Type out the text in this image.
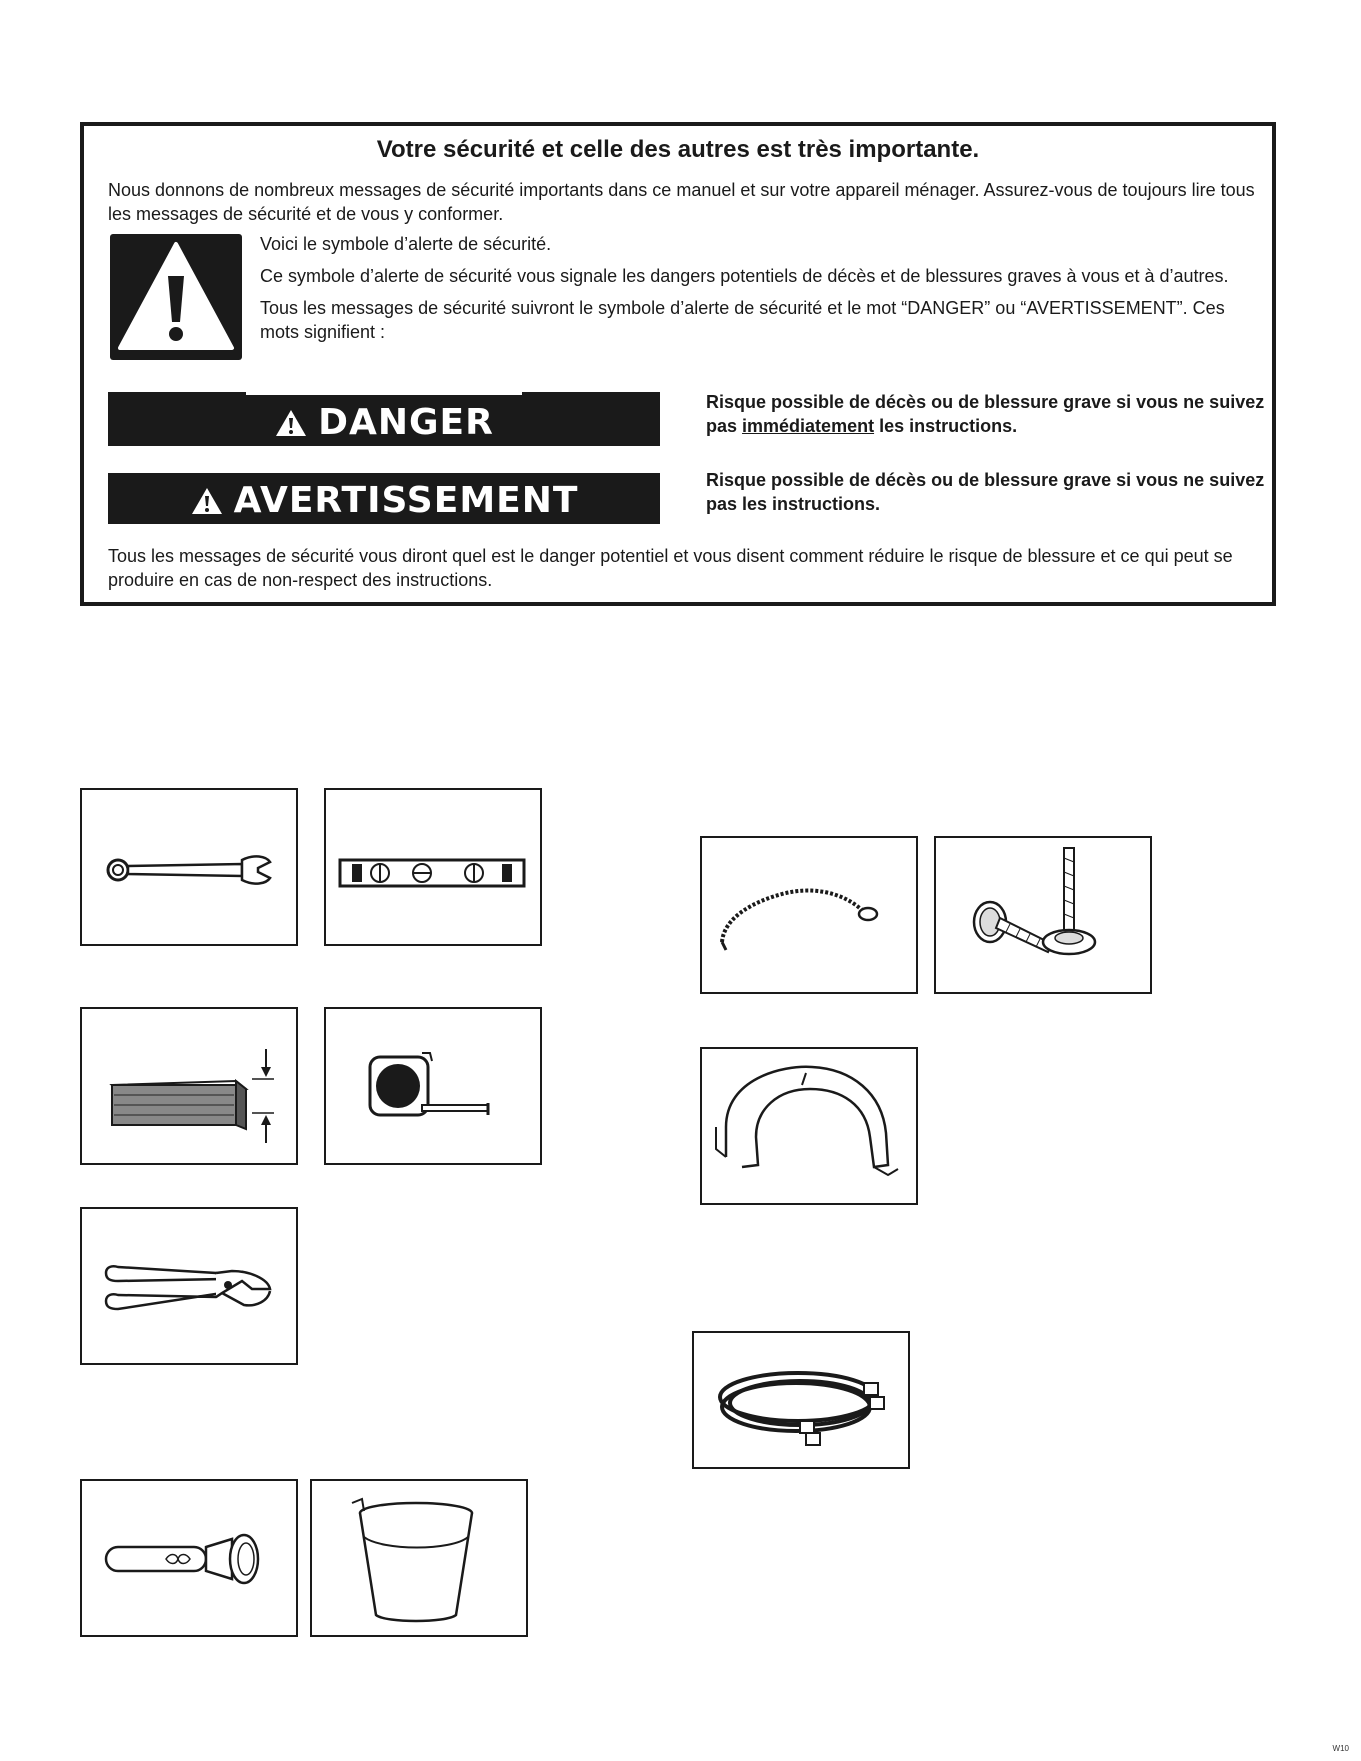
Votre sécurité et celle des autres est très importante.

Nous donnons de nombreux messages de sécurité importants dans ce manuel et sur votre appareil ménager. Assurez-vous de toujours lire tous les messages de sécurité et de vous y conformer.

Voici le symbole d’alerte de sécurité.

Ce symbole d’alerte de sécurité vous signale les dangers potentiels de décès et de blessures graves à vous et à d’autres.

Tous les messages de sécurité suivront le symbole d’alerte de sécurité et le mot “DANGER” ou “AVERTISSEMENT”. Ces mots signifient :

DANGER	Risque possible de décès ou de blessure grave si vous ne suivez pas immédiatement les instructions.

AVERTISSEMENT	Risque possible de décès ou de blessure grave si vous ne suivez pas les instructions.

Tous les messages de sécurité vous diront quel est le danger potentiel et vous disent comment réduire le risque de blessure et ce qui peut se produire en cas de non-respect des instructions.

W10
